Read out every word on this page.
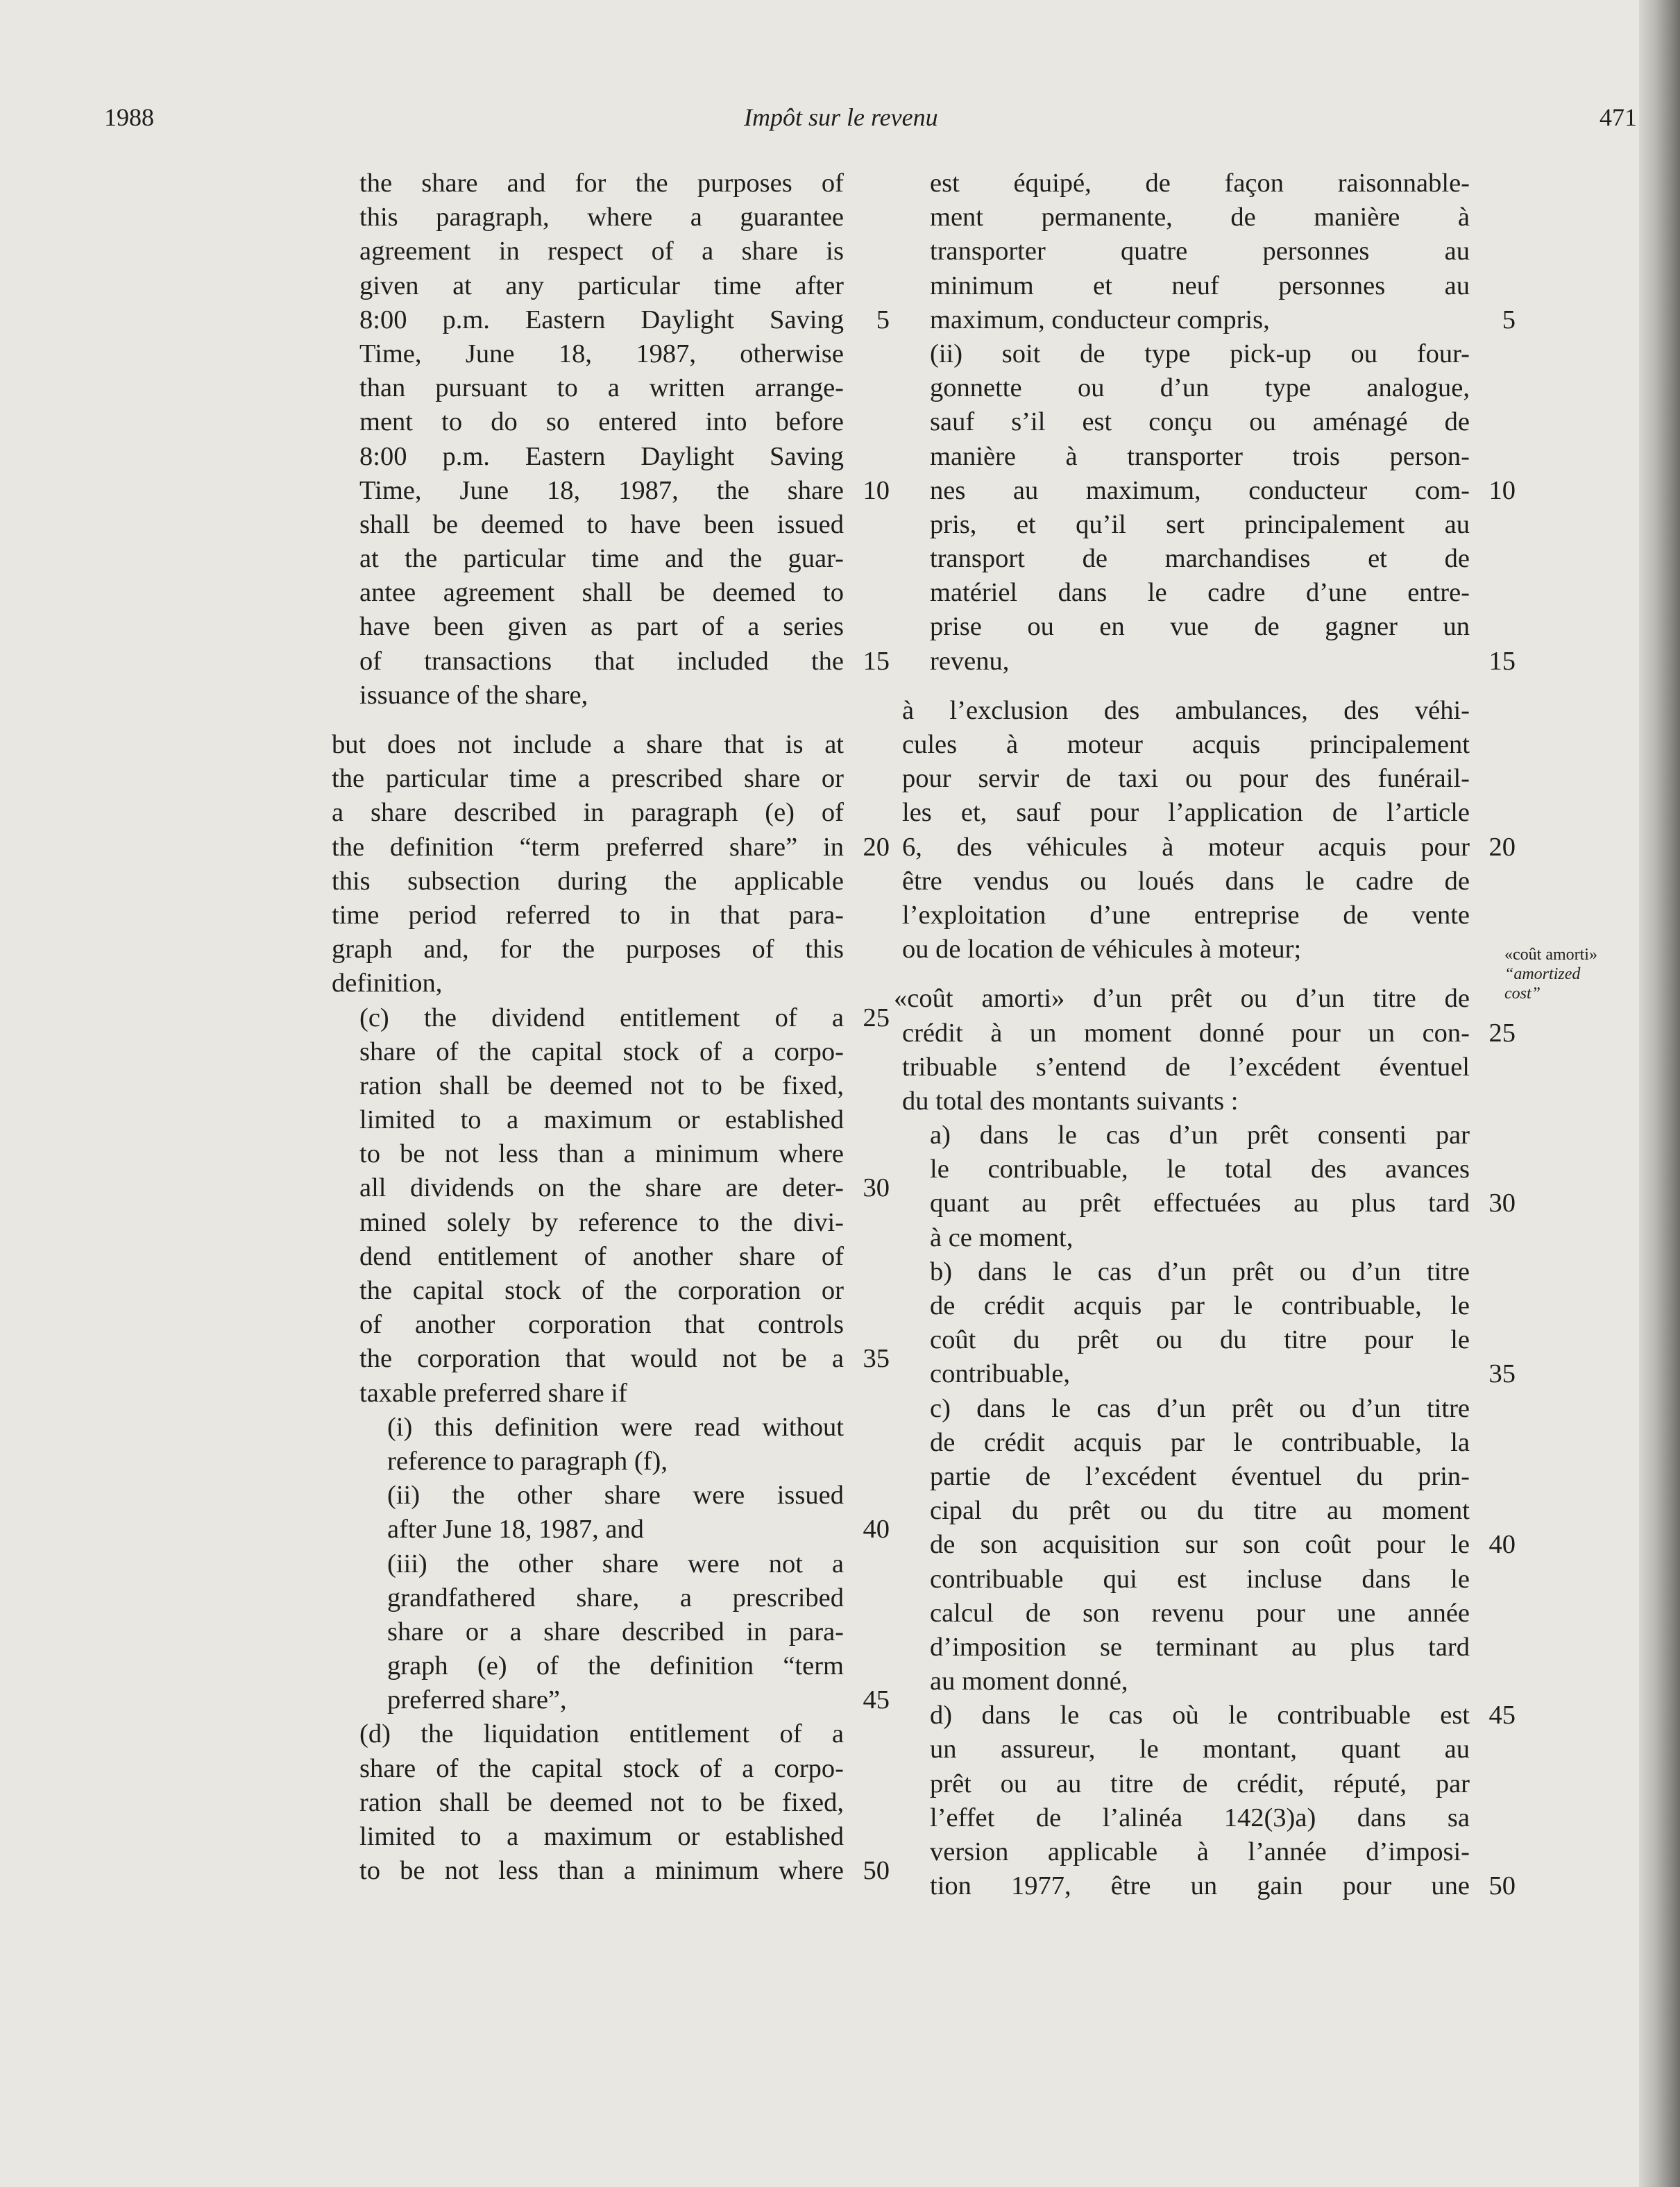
1988	Impôt sur le revenu	471
the share and for the purposes of
this paragraph, where a guarantee
agreement in respect of a share is
given at any particular time after
8:00 p.m. Eastern Daylight Saving	5
Time, June 18, 1987, otherwise
than pursuant to a written arrange-
ment to do so entered into before
8:00 p.m. Eastern Daylight Saving
Time, June 18, 1987, the share 10
shall be deemed to have been issued
at the particular time and the guar-
antee agreement shall be deemed to
have been given as part of a series
of transactions that included the 15
issuance of the share,
but does not include a share that is at
the particular time a prescribed share or
a share described in paragraph (e) of
the definition “term preferred share” in 20
this subsection during the applicable
time period referred to in that para-
graph and, for the purposes of this
definition,
(c) the dividend entitlement of a 25
share of the capital stock of a corpo-
ration shall be deemed not to be fixed,
limited to a maximum or established
to be not less than a minimum where
all dividends on the share are deter- 30
mined solely by reference to the divi-
dend entitlement of another share of
the capital stock of the corporation or
of another corporation that controls
the corporation that would not be a 35
taxable preferred share if
(i) this definition were read without
reference to paragraph (f),
(ii) the other share were issued
after June 18, 1987, and	40
(iii) the other share were not a
grandfathered share, a prescribed
share or a share described in para-
graph (e) of the definition “term
preferred share”,	45
(d) the liquidation entitlement of a
share of the capital stock of a corpo-
ration shall be deemed not to be fixed,
limited to a maximum or established
to be not less than a minimum where 50
est équipé, de façon raisonnable-
ment permanente, de manière à
transporter quatre personnes au
minimum et neuf personnes au
maximum, conducteur compris,	5
(ii) soit de type pick-up ou four-
gonnette ou d’un type analogue,
sauf s’il est conçu ou aménagé de
manière à transporter trois person-
nes au maximum, conducteur com- 10
pris, et qu’il sert principalement au
transport de marchandises et de
matériel dans le cadre d’une entre-
prise ou en vue de gagner un
revenu,	15
à l’exclusion des ambulances, des véhi-
cules à moteur acquis principalement
pour servir de taxi ou pour des funérail-
les et, sauf pour l’application de l’article
6, des véhicules à moteur acquis pour 20
être vendus ou loués dans le cadre de
l’exploitation d’une entreprise de vente
ou de location de véhicules à moteur;
«coût amorti» d’un prêt ou d’un titre de
crédit à un moment donné pour un con- 25
tribuable s’entend de l’excédent éventuel
du total des montants suivants :
a) dans le cas d’un prêt consenti par
le contribuable, le total des avances
quant au prêt effectuées au plus tard 30
à ce moment,
b) dans le cas d’un prêt ou d’un titre
de crédit acquis par le contribuable, le
coût du prêt ou du titre pour le
contribuable,	35
c) dans le cas d’un prêt ou d’un titre
de crédit acquis par le contribuable, la
partie de l’excédent éventuel du prin-
cipal du prêt ou du titre au moment
de son acquisition sur son coût pour le 40
contribuable qui est incluse dans le
calcul de son revenu pour une année
d’imposition se terminant au plus tard
au moment donné,
d) dans le cas où le contribuable est 45
un assureur, le montant, quant au
prêt ou au titre de crédit, réputé, par
l’effet de l’alinéa 142(3)a) dans sa
version applicable à l’année d’imposi-
tion 1977, être un gain pour une 50
«coût amorti»
“amortized
cost”
